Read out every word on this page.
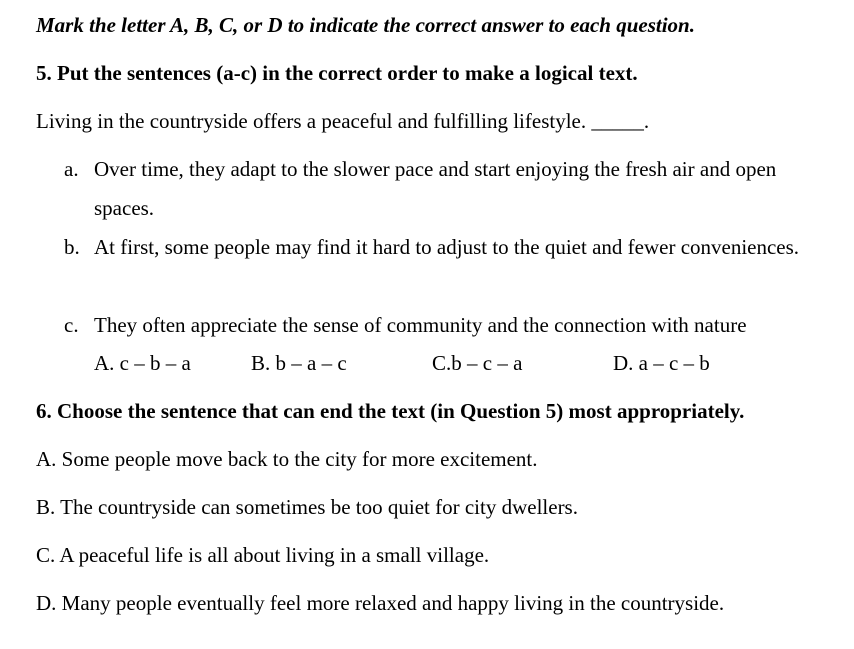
Mark the letter A, B, C, or D to indicate the correct answer to each question.
5. Put the sentences (a-c) in the correct order to make a logical text.
Living in the countryside offers a peaceful and fulfilling lifestyle. _____.
a. Over time, they adapt to the slower pace and start enjoying the fresh air and open spaces.
b. At first, some people may find it hard to adjust to the quiet and fewer conveniences.
c. They often appreciate the sense of community and the connection with nature
A. c – b – a	B. b – a – c	C.b – c – a	D. a – c – b
6. Choose the sentence that can end the text (in Question 5) most appropriately.
A. Some people move back to the city for more excitement.
B. The countryside can sometimes be too quiet for city dwellers.
C. A peaceful life is all about living in a small village.
D. Many people eventually feel more relaxed and happy living in the countryside.
